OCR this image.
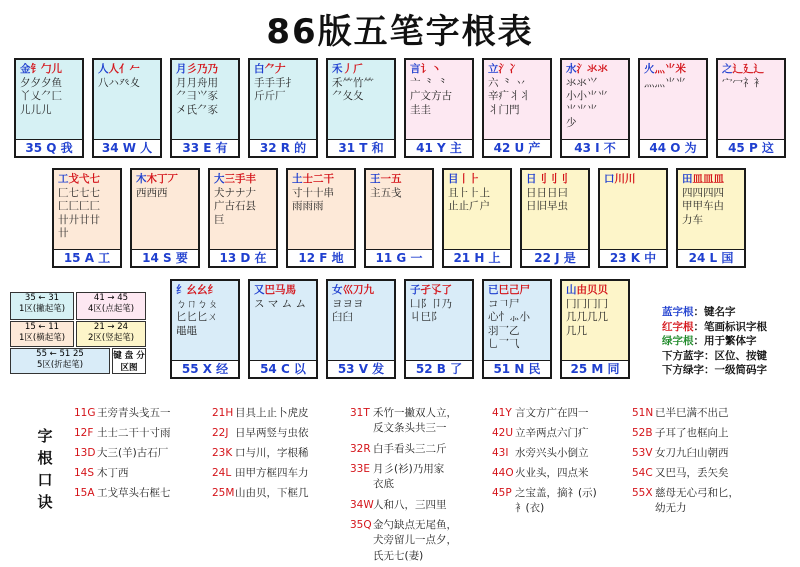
86版五笔字根表
金钅勹儿
夕夕夕鱼
丫乂⺈匚
儿儿儿
35 Q 我
人人亻𠂉
八ハ癶夊
34 W 人
月彡乃乃
月月舟用
⺈⺕⺍豕
㐅氏⺈豕
33 E 有
白⺈𠂇
手手手扌
斤斤厂
32 R 的
禾丿𠂆
禾⺮竹⺮
⺈夂夂
31 T 和
言讠丶
亠 ⺀ ⺀
广文方古
圭圭
41 Y 主
立氵冫
六 ⺀ 丷
辛疒丬丬
丬门門
42 U 产
水氵氺氺
氺氺⺍
小小⺌⺌
⺌⺌⺌
少
43 I 不
火灬⺌米
灬灬⺌⺌
44 O 为
之辶廴辶
宀冖礻衤
45 P 这
工戈弋七
匚七七七
匚匚匚匚
卄廾廿廿
卄
15 A 工
木木丁丆
西西西
14 S 要
大三手丰
犬ナナ𠂇
广古石县
巨
13 D 在
土士二干
寸十十串
雨雨雨
12 F 地
王一五
主五戋
11 G 一
目丨⺊
且⺊⺊上
止止𠂆户
21 H 上
日刂刂刂
日日日曰
日旧早虫
22 J 是
口川川
23 K 中
田皿皿皿
四四四四
甲甲车甴
力车
24 L 国
纟幺幺纟
ㄅㄇㄅㄆ
匕匕匕ㄨ
黽黽
55 X 经
又巴马馬
ス マ ム ム
54 C 以
女巛刀九
ヨヨヨ
臼臼
53 V 发
子孑孓了
凵阝卩乃
丩巳阝
52 B 了
已巳己尸
コ𠃍尸
心忄⺗小
羽乛乙
乚乛⺄
51 N 民
山由贝贝
冂冂冂冂
几几几几
几几
25 M 同
35 ← 31
1区(撇起笔)
41 → 45
4区(点起笔)
15 ← 11
1区(横起笔)
21 → 24
2区(竖起笔)
55 ← 51 25
5区(折起笔)
键 盘 分区图
蓝字根：键名字
红字根：笔画标识字根
绿字根：用于繁体字
下方蓝字：区位、按键
下方绿字：一级简码字
字根口诀
11G 王旁青头戋五一
12F 土士二干十寸雨
13D 大三(羊)古石厂
14S 木丁西
15A 工戈草头右框七
21H 目具上止卜虎皮
22J 日早两竖与虫依
23K 口与川，字根稀
24L 田甲方框四车力
25M山由贝，下框几
31T 禾竹一撇双人立，
反文条头共三一
32R 白手看头三二斤
33E 月彡(衫)乃用家
衣底
34W人和八，三四里
35Q金勺缺点无尾鱼，
犬旁留儿一点夕，
氏无七(妻)
41Y 言文方广在四一
42U 立辛两点六门疒
43I 水旁兴头小倒立
44O火业头，四点米
45P 之宝盖，摘礻(示)
衤(衣)
51N 已半巳满不出己
52B 子耳了也框向上
53V 女刀九臼山朝西
54C 又巴马，丢矢矣
55X 慈母无心弓和匕，
幼无力
